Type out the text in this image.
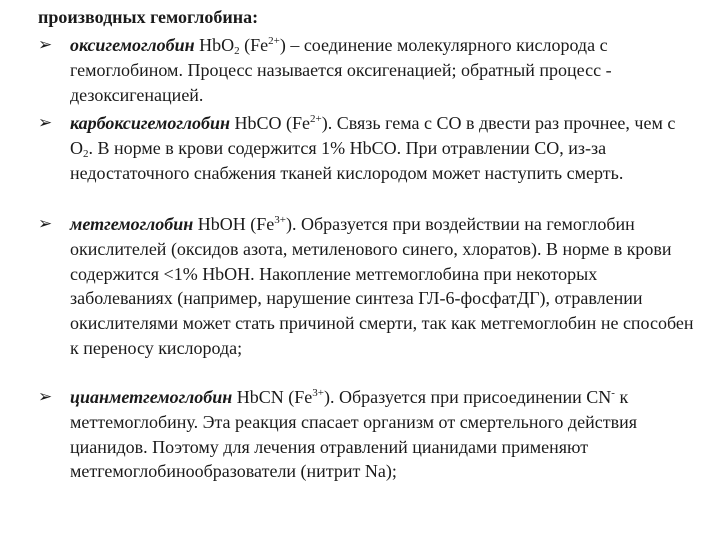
производных гемоглобина:
➢ оксигемоглобин HbO$_2$ $(Fe^{2+})$ – соединение молекулярного кислорода с гемоглобином. Процесс называется оксигенацией; обратный процесс - дезоксигенацией.
➢ карбоксигемоглобин HbCO $(Fe^{2+})$. Связь гема с CO в двести раз прочнее, чем с $O_2$. В норме в крови содержится 1% HbCO. При отравлении CO, из-за недостаточного снабжения тканей кислородом может наступить смерть.
➢ метгемоглобин HbOH $(Fe^{3+})$. Образуется при воздействии на гемоглобин окислителей (оксидов азота, метиленового синего, хлоратов). В норме в крови содержится <1% HbOH. Накопление метгемоглобина при некоторых заболеваниях (например, нарушение синтеза ГЛ-6-фосфатДГ), отравлении окислителями может стать причиной смерти, так как метгемоглобин не способен к переносу кислорода;
➢ цианметгемоглобин HbCN $(Fe^{3+})$. Образуется при присоединении CN- к меттемоглобину. Эта реакция спасает организм от смертельного действия цианидов. Поэтому для лечения отравлений цианидами применяют метгемоглобинообразователи (нитрит Na);
